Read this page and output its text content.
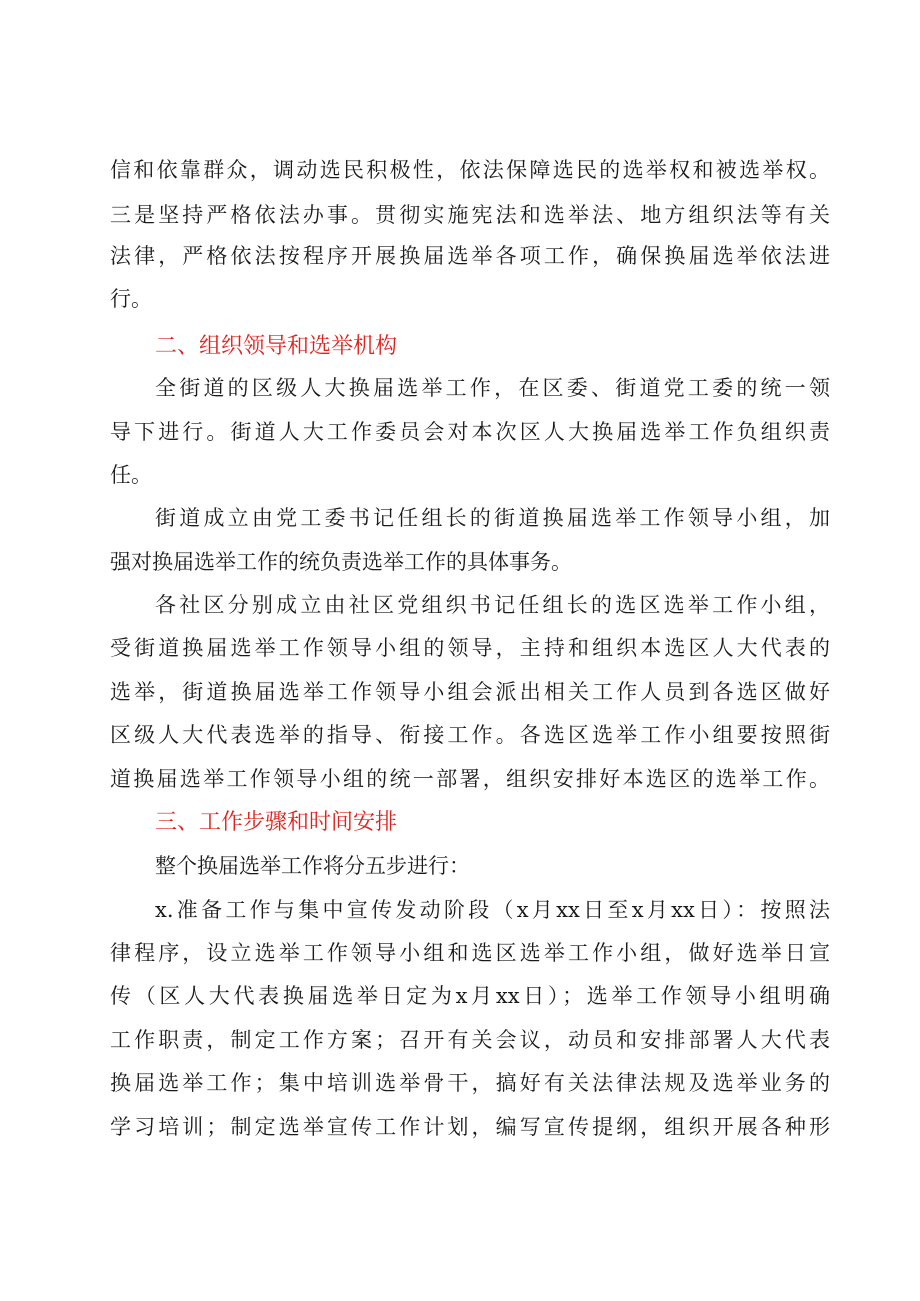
信和依靠群众，调动选民积极性，依法保障选民的选举权和被选举权。
三是坚持严格依法办事。贯彻实施宪法和选举法、地方组织法等有关
法律，严格依法按程序开展换届选举各项工作，确保换届选举依法进
行。
二、组织领导和选举机构
全街道的区级人大换届选举工作，在区委、街道党工委的统一领
导下进行。街道人大工作委员会对本次区人大换届选举工作负组织责
任。
街道成立由党工委书记任组长的街道换届选举工作领导小组，加
强对换届选举工作的统负责选举工作的具体事务。
各社区分别成立由社区党组织书记任组长的选区选举工作小组，
受街道换届选举工作领导小组的领导，主持和组织本选区人大代表的
选举，街道换届选举工作领导小组会派出相关工作人员到各选区做好
区级人大代表选举的指导、衔接工作。各选区选举工作小组要按照街
道换届选举工作领导小组的统一部署，组织安排好本选区的选举工作。
三、工作步骤和时间安排
整个换届选举工作将分五步进行：
x.准备工作与集中宣传发动阶段（x月xx日至x月xx日）：按照法
律程序，设立选举工作领导小组和选区选举工作小组，做好选举日宣
传（区人大代表换届选举日定为x月xx日）；选举工作领导小组明确
工作职责，制定工作方案；召开有关会议，动员和安排部署人大代表
换届选举工作；集中培训选举骨干，搞好有关法律法规及选举业务的
学习培训；制定选举宣传工作计划，编写宣传提纲，组织开展各种形
